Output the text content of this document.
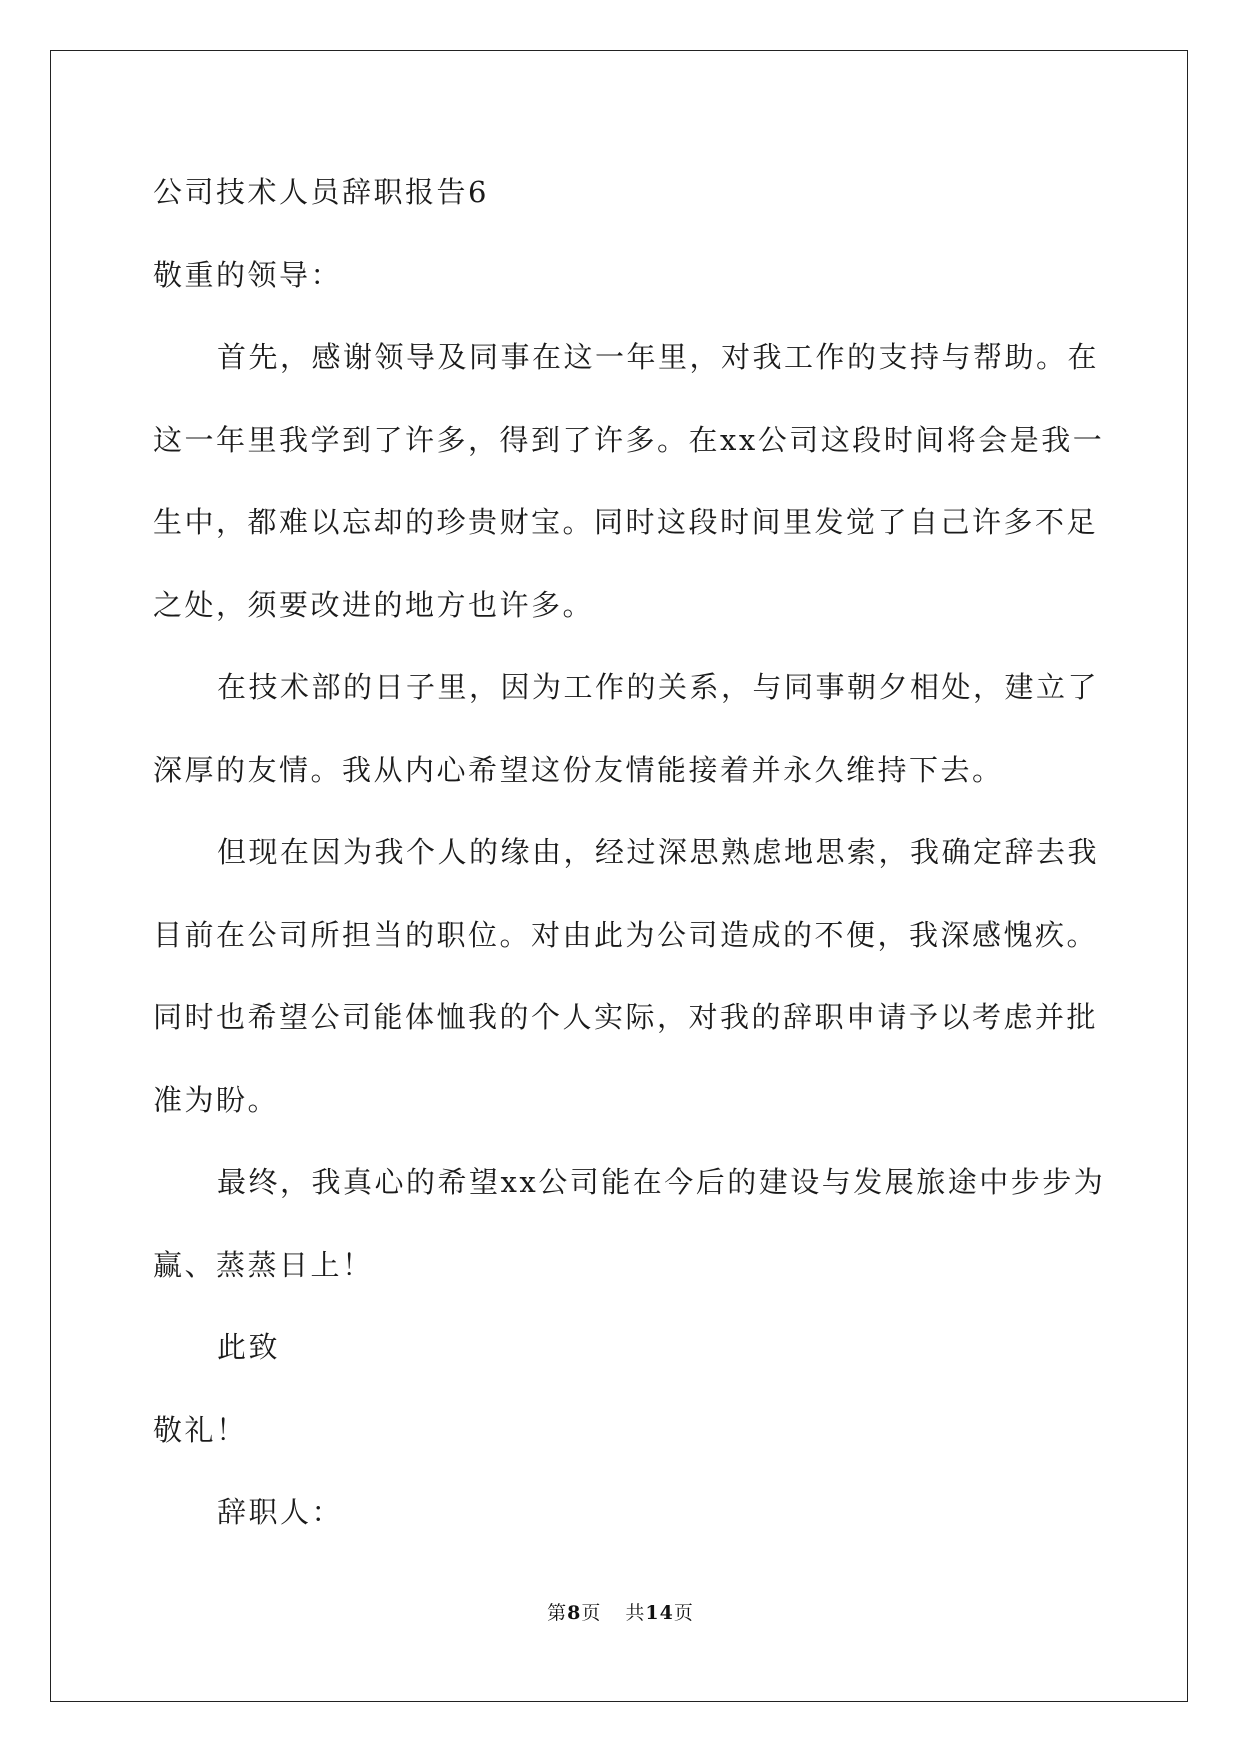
公司技术人员辞职报告6
敬重的领导：
首先，感谢领导及同事在这一年里，对我工作的支持与帮助。在
这一年里我学到了许多，得到了许多。在xx公司这段时间将会是我一
生中，都难以忘却的珍贵财宝。同时这段时间里发觉了自己许多不足
之处，须要改进的地方也许多。
在技术部的日子里，因为工作的关系，与同事朝夕相处，建立了
深厚的友情。我从内心希望这份友情能接着并永久维持下去。
但现在因为我个人的缘由，经过深思熟虑地思索，我确定辞去我
目前在公司所担当的职位。对由此为公司造成的不便，我深感愧疚。
同时也希望公司能体恤我的个人实际，对我的辞职申请予以考虑并批
准为盼。
最终，我真心的希望xx公司能在今后的建设与发展旅途中步步为
赢、蒸蒸日上！
此致
敬礼！
辞职人：
第8页 共14页
